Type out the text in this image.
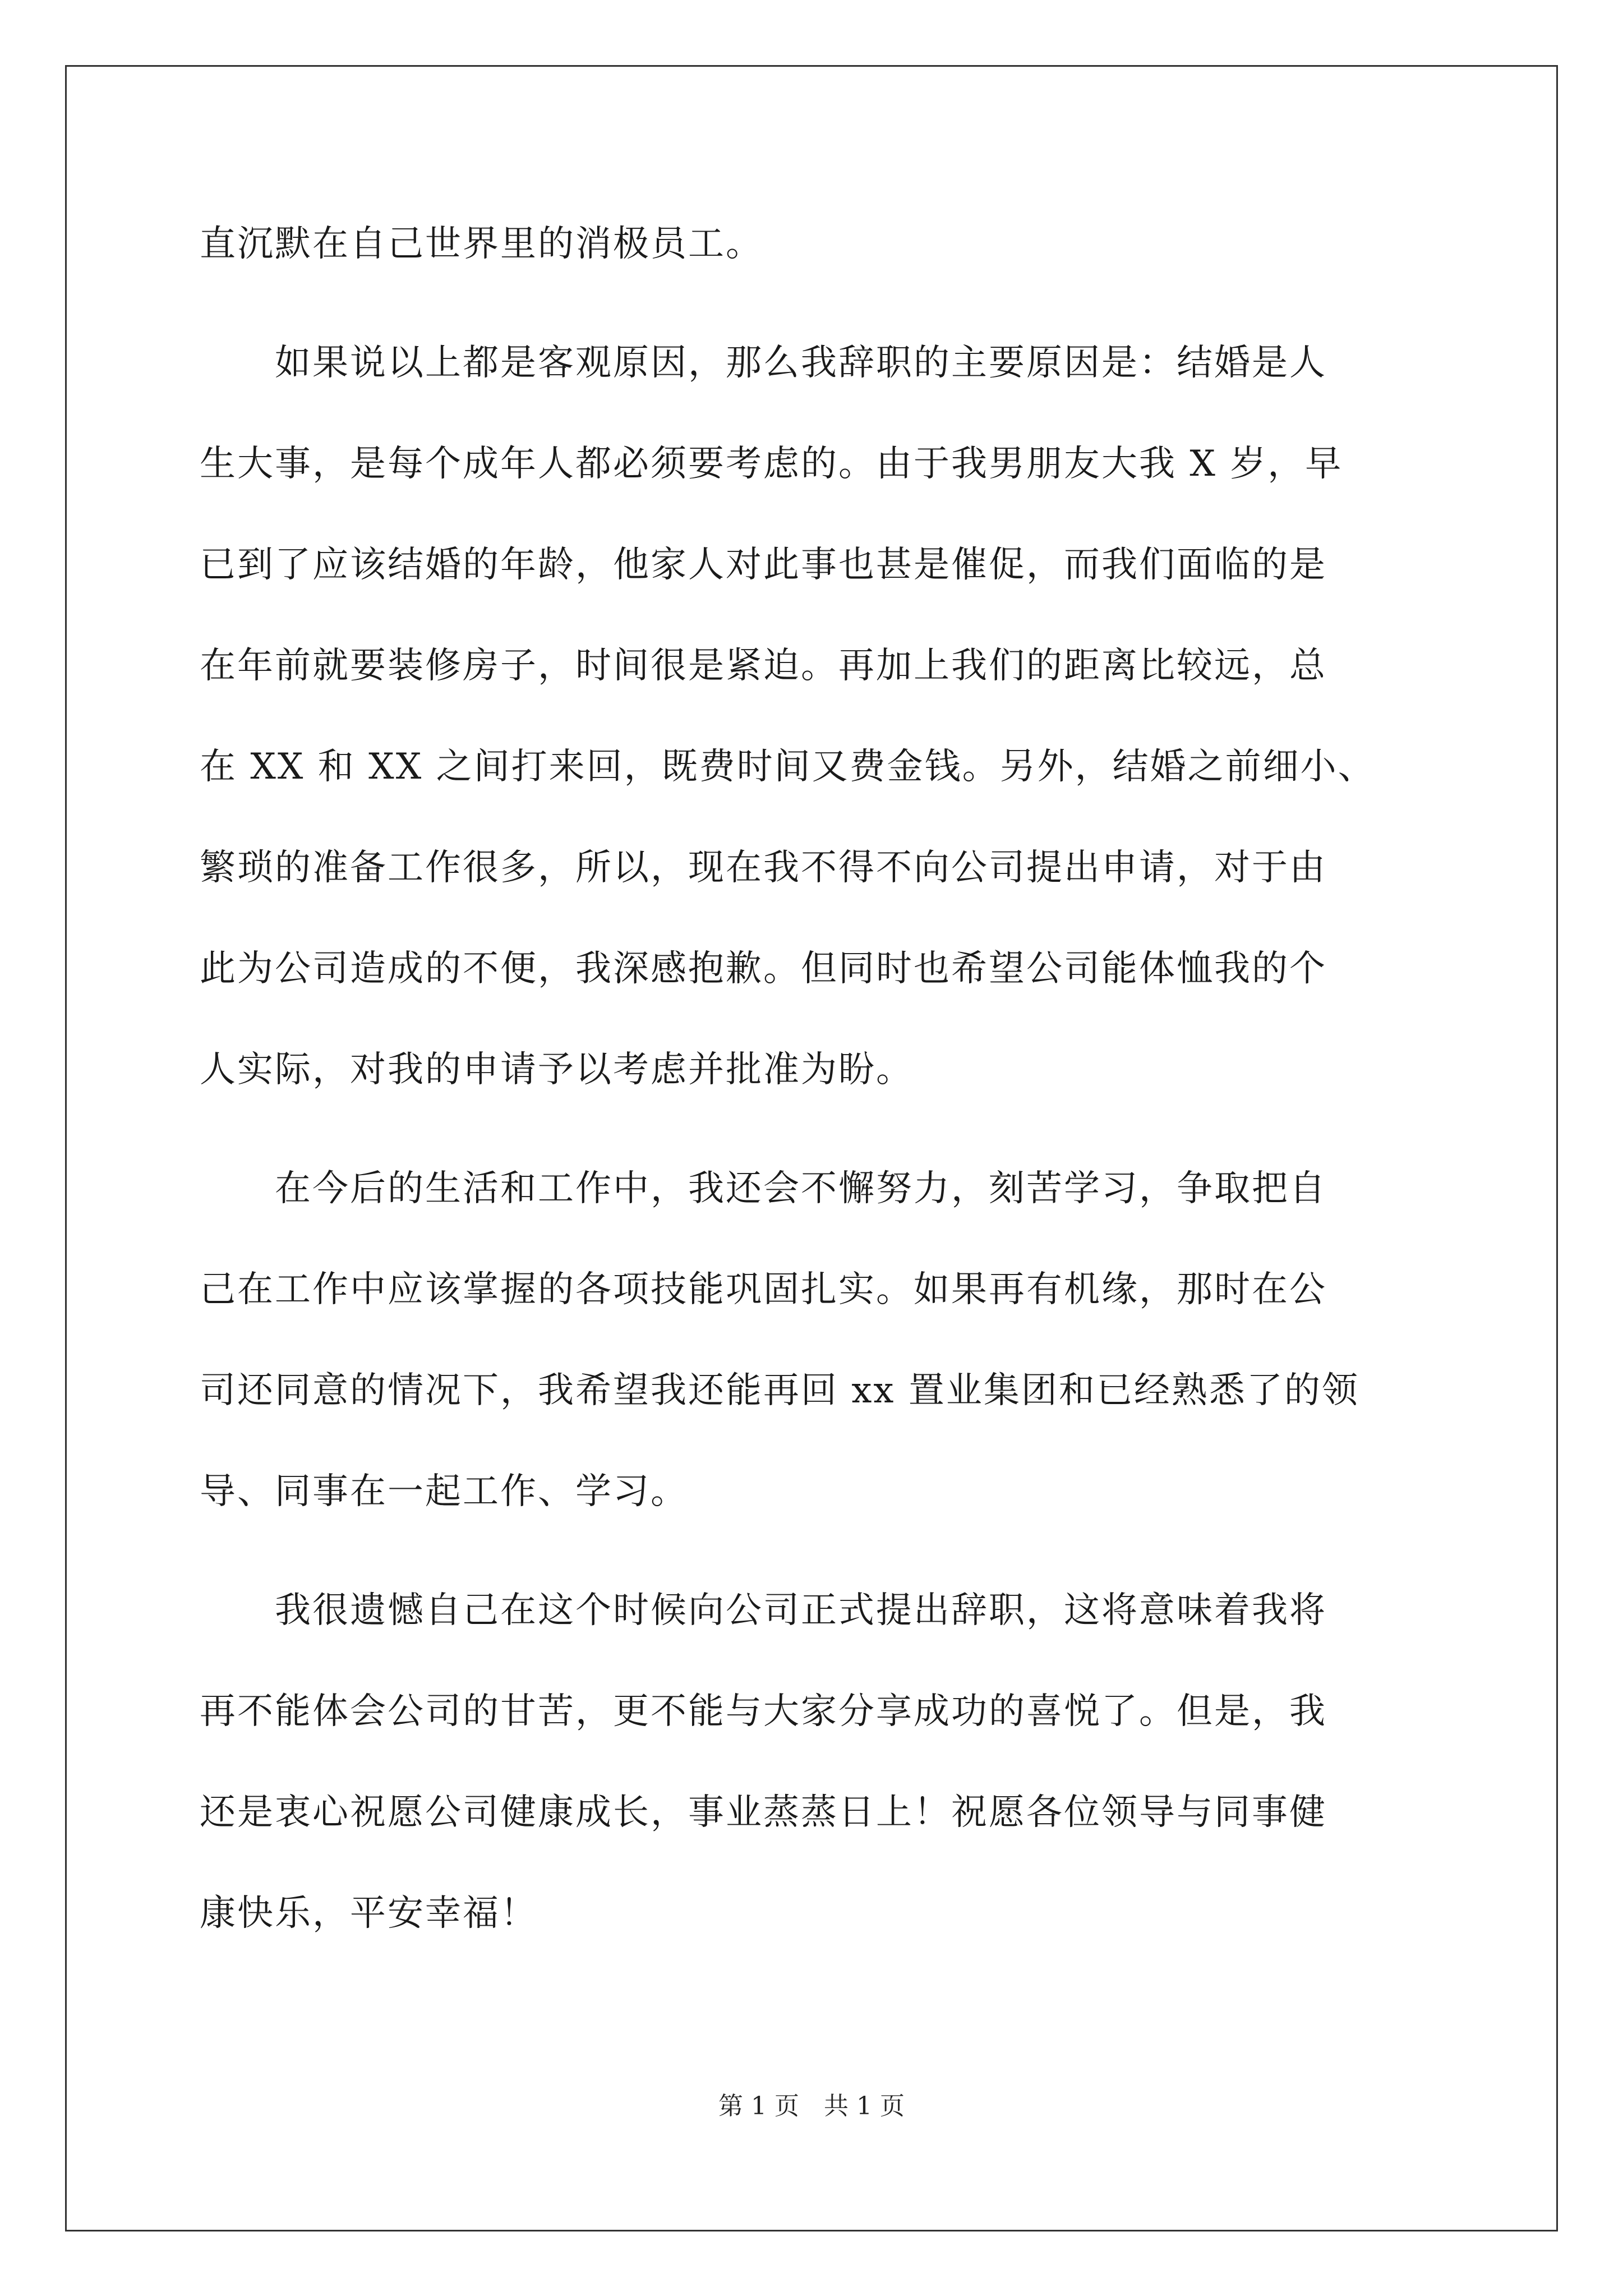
直沉默在自己世界里的消极员工。
　　如果说以上都是客观原因，那么我辞职的主要原因是：结婚是人
生大事，是每个成年人都必须要考虑的。由于我男朋友大我 X 岁，早
已到了应该结婚的年龄，他家人对此事也甚是催促，而我们面临的是
在年前就要装修房子，时间很是紧迫。再加上我们的距离比较远，总
在 XX 和 XX 之间打来回，既费时间又费金钱。另外，结婚之前细小、
繁琐的准备工作很多，所以，现在我不得不向公司提出申请，对于由
此为公司造成的不便，我深感抱歉。但同时也希望公司能体恤我的个
人实际，对我的申请予以考虑并批准为盼。
　　在今后的生活和工作中，我还会不懈努力，刻苦学习，争取把自
己在工作中应该掌握的各项技能巩固扎实。如果再有机缘，那时在公
司还同意的情况下，我希望我还能再回 xx 置业集团和已经熟悉了的领
导、同事在一起工作、学习。
　　我很遗憾自己在这个时候向公司正式提出辞职，这将意味着我将
再不能体会公司的甘苦，更不能与大家分享成功的喜悦了。但是，我
还是衷心祝愿公司健康成长，事业蒸蒸日上！祝愿各位领导与同事健
康快乐，平安幸福！
第 1 页　共 1 页
